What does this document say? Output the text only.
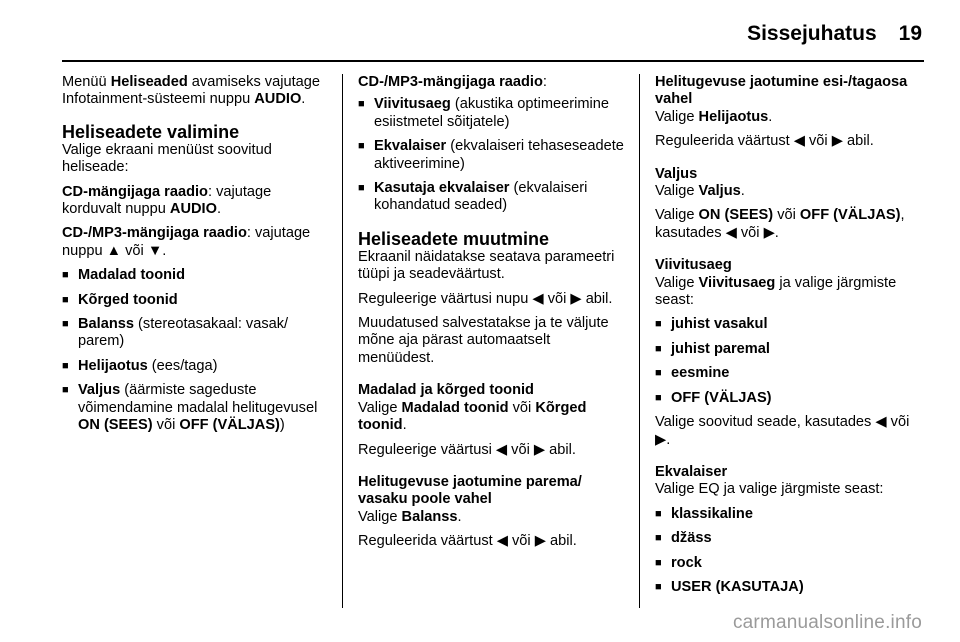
Sissejuhatus 19

Menüü Heliseaded avamiseks vajutage Infotainment-süsteemi nuppu AUDIO.

Heliseadete valimine

Valige ekraani menüüst soovitud heliseade:

CD-mängijaga raadio: vajutage korduvalt nuppu AUDIO.

CD-/MP3-mängijaga raadio: vajutage nuppu ▲ või ▼.

■ Madalad toonid
■ Kõrged toonid
■ Balanss (stereotasakaal: vasak/ parem)
■ Helijaotus (ees/taga)
■ Valjus (äärmiste sageduste võimendamine madalal helitugevusel ON (SEES) või OFF (VÄLJAS))

CD-/MP3-mängijaga raadio:

■ Viivitusaeg (akustika optimeerimine esiistmetel sõitjatele)
■ Ekvalaiser (ekvalaiseri tehaseseadete aktiveerimine)
■ Kasutaja ekvalaiser (ekvalaiseri kohandatud seaded)
Heliseadete muutmine

Ekraanil näidatakse seatava parameetri tüüpi ja seadeväärtust.

Reguleerige väärtusi nupu ◀ või ▶ abil.

Muudatused salvestatakse ja te väljute mõne aja pärast automaatselt menüüdest.

Madalad ja kõrged toonid

Valige Madalad toonid või Kõrged toonid.

Reguleerige väärtusi ◀ või ▶ abil.

Helitugevuse jaotumine parema/ vasaku poole vahel

Valige Balanss.

Reguleerida väärtust ◀ või ▶ abil.

Helitugevuse jaotumine esi-/tagaosa vahel

Valige Helijaotus.

Reguleerida väärtust ◀ või ▶ abil.

Valjus

Valige Valjus.

Valige ON (SEES) või OFF (VÄLJAS), kasutades ◀ või ▶.

Viivitusaeg

Valige Viivitusaeg ja valige järgmiste seast:

■ juhist vasakul
■ juhist paremal
■ eesmine
■ OFF (VÄLJAS)

Valige soovitud seade, kasutades ◀ või ▶.

Ekvalaiser

Valige EQ ja valige järgmiste seast:

■ klassikaline
■ džäss
■ rock
■ USER (KASUTAJA)
carmanualsonline.info
